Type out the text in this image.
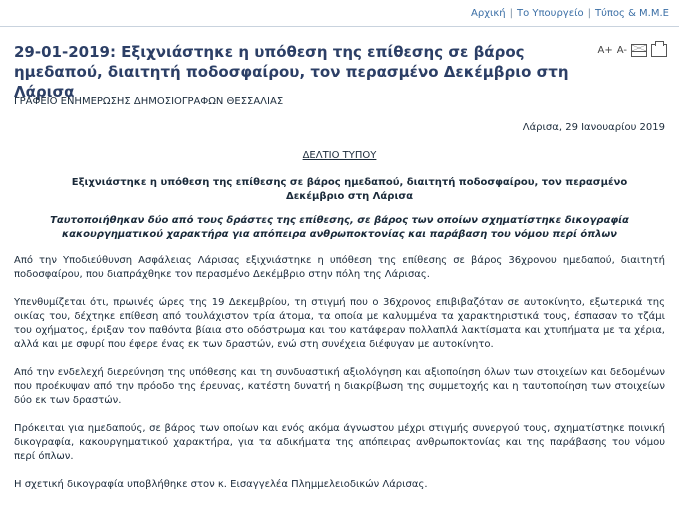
Αρχική | Το Υπουργείο | Τύπος & Μ.Μ.Ε
29-01-2019: Εξιχνιάστηκε η υπόθεση της επίθεσης σε βάρος ημεδαπού, διαιτητή ποδοσφαίρου, τον περασμένο Δεκέμβριο στη Λάρισα
A+ A-
ΓΡΑΦΕΙΟ ΕΝΗΜΕΡΩΣΗΣ ΔΗΜΟΣΙΟΓΡΑΦΩΝ ΘΕΣΣΑΛΙΑΣ
Λάρισα, 29 Ιανουαρίου 2019
ΔΕΛΤΙΟ ΤΥΠΟΥ
Εξιχνιάστηκε η υπόθεση της επίθεσης σε βάρος ημεδαπού, διαιτητή ποδοσφαίρου, τον περασμένο Δεκέμβριο στη Λάρισα
Ταυτοποιήθηκαν δύο από τους δράστες της επίθεσης, σε βάρος των οποίων σχηματίστηκε δικογραφία κακουργηματικού χαρακτήρα για απόπειρα ανθρωποκτονίας και παράβαση του νόμου περί όπλων

Από την Υποδιεύθυνση Ασφάλειας Λάρισας εξιχνιάστηκε η υπόθεση της επίθεσης σε βάρος 36χρονου ημεδαπού, διαιτητή ποδοσφαίρου, που διαπράχθηκε τον περασμένο Δεκέμβριο στην πόλη της Λάρισας.

Υπενθυμίζεται ότι, πρωινές ώρες της 19 Δεκεμβρίου, τη στιγμή που ο 36χρονος επιβιβαζόταν σε αυτοκίνητο, εξωτερικά της οικίας του, δέχτηκε επίθεση από τουλάχιστον τρία άτομα, τα οποία με καλυμμένα τα χαρακτηριστικά τους, έσπασαν το τζάμι του οχήματος, έριξαν τον παθόντα βίαια στο οδόστρωμα και του κατάφεραν πολλαπλά λακτίσματα και χτυπήματα με τα χέρια, αλλά και με σφυρί που έφερε ένας εκ των δραστών, ενώ στη συνέχεια διέφυγαν με αυτοκίνητο.

Από την ενδελεχή διερεύνηση της υπόθεσης και τη συνδυαστική αξιολόγηση και αξιοποίηση όλων των στοιχείων και δεδομένων που προέκυψαν από την πρόοδο της έρευνας, κατέστη δυνατή η διακρίβωση της συμμετοχής και η ταυτοποίηση των στοιχείων δύο εκ των δραστών.

Πρόκειται για ημεδαπούς, σε βάρος των οποίων και ενός ακόμα άγνωστου μέχρι στιγμής συνεργού τους, σχηματίστηκε ποινική δικογραφία, κακουργηματικού χαρακτήρα, για τα αδικήματα της απόπειρας ανθρωποκτονίας και της παράβασης του νόμου περί όπλων.

Η σχετική δικογραφία υποβλήθηκε στον κ. Εισαγγελέα Πλημμελειοδικών Λάρισας.
